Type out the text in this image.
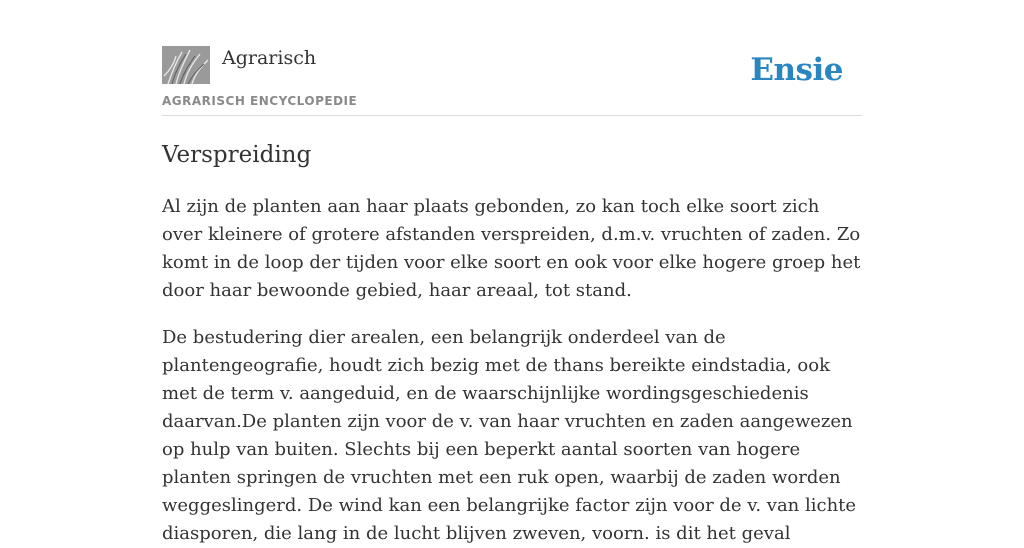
Agrarisch
AGRARISCH ENCYCLOPEDIE
Ensie
Verspreiding

Al zijn de planten aan haar plaats gebonden, zo kan toch elke soort zich over kleinere of grotere afstanden verspreiden, d.m.v. vruchten of zaden. Zo komt in de loop der tijden voor elke soort en ook voor elke hogere groep het door haar bewoonde gebied, haar areaal, tot stand.

De bestudering dier arealen, een belangrijk onderdeel van de plantengeografie, houdt zich bezig met de thans bereikte eindstadia, ook met de term v. aangeduid, en de waarschijnlijke wordingsgeschiedenis daarvan.De planten zijn voor de v. van haar vruchten en zaden aangewezen op hulp van buiten. Slechts bij een beperkt aantal soorten van hogere planten springen de vruchten met een ruk open, waarbij de zaden worden weggeslingerd. De wind kan een belangrijke factor zijn voor de v. van lichte diasporen, die lang in de lucht blijven zweven, voorn. is dit het geval
